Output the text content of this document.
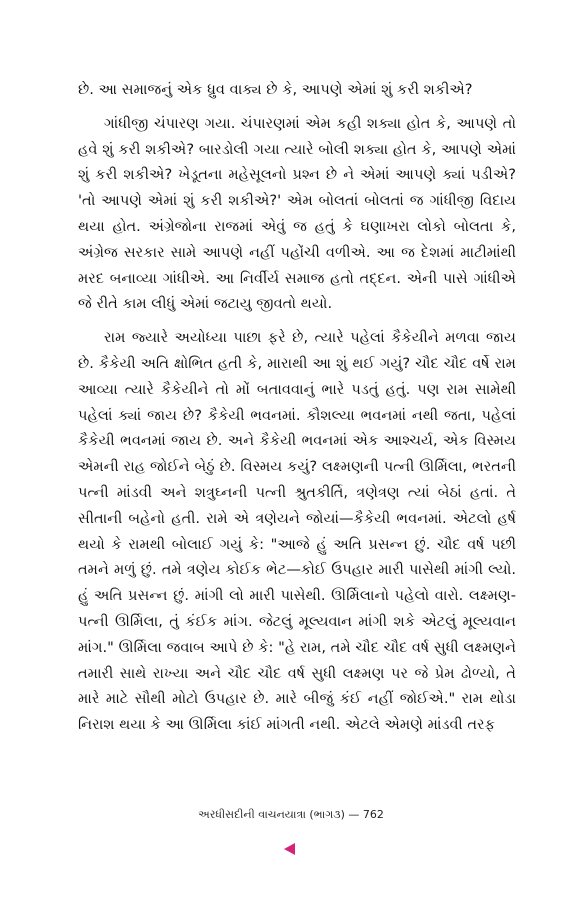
છે. આ સમાજનું એક ધ્રુવ વાક્ય છે કે, આપણે એમાં શું કરી શકીએ?

ગાંધીજી ચંપારણ ગયા. ચંપારણમાં એમ કહી શક્યા હોત કે, આપણે તો હવે શું કરી શકીએ? બારડોલી ગયા ત્યારે બોલી શક્યા હોત કે, આપણે એમાં શું કરી શકીએ? ખેડૂતના મહેસૂલનો પ્રશ્ન છે ને એમાં આપણે ક્યાં પડીએ? 'તો આપણે એમાં શું કરી શકીએ?' એમ બોલતાં બોલતાં જ ગાંધીજી વિદાય થયા હોત. અંગ્રેજોના રાજમાં એવું જ હતું કે ઘણાખરા લોકો બોલતા કે, અંગ્રેજ સરકાર સામે આપણે નહીં પહોંચી વળીએ. આ જ દેશમાં માટીમાંથી મરદ બનાવ્યા ગાંધીએ. આ નિર્વીર્ય સમાજ હતો તદ્દન. એની પાસે ગાંધીએ જે રીતે કામ લીધું એમાં જટાયુ જીવતો થયો.

રામ જ્યારે અયોધ્યા પાછા ફરે છે, ત્યારે પહેલાં કૈકેયીને મળવા જાય છે. કૈકેયી અતિ ક્ષોભિત હતી કે, મારાથી આ શું થઈ ગયું? ચૌદ ચૌદ વર્ષે રામ આવ્યા ત્યારે કૈકેયીને તો મોં બતાવવાનું ભારે પડતું હતું. પણ રામ સામેથી પહેલાં ક્યાં જાય છે? કૈકેયી ભવનમાં. કૌશલ્યા ભવનમાં નથી જતા, પહેલાં કૈકેયી ભવનમાં જાય છે. અને કૈકેયી ભવનમાં એક આશ્ચર્ય, એક વિસ્મય એમની રાહ જોઈને બેઠું છે. વિસ્મય કયું? લક્ષ્મણની પત્ની ઊર્મિલા, ભરતની પત્ની માંડવી અને શત્રુઘ્નની પત્ની શ્રુતકીર્તિ, ત્રણેત્રણ ત્યાં બેઠાં હતાં. તે સીતાની બહેનો હતી. રામે એ ત્રણેયને જોયાં—કૈકેયી ભવનમાં. એટલો હર્ષ થયો કે રામથી બોલાઈ ગયું કે: "આજે હું અતિ પ્રસન્ન છું. ચૌદ વર્ષ પછી તમને મળું છું. તમે ત્રણેય કોઈક ભેટ—કોઈ ઉપહાર મારી પાસેથી માંગી લ્યો. હું અતિ પ્રસન્ન છું. માંગી લો મારી પાસેથી. ઊર્મિલાનો પહેલો વારો. લક્ષ્મણ-પત્ની ઊર્મિલા, તું કંઈક માંગ. જેટલું મૂલ્યવાન માંગી શકે એટલું મૂલ્યવાન માંગ." ઊર્મિલા જવાબ આપે છે કે: "હે રામ, તમે ચૌદ ચૌદ વર્ષ સુધી લક્ષ્મણને તમારી સાથે રાખ્યા અને ચૌદ ચૌદ વર્ષ સુધી લક્ષ્મણ પર જે પ્રેમ ઢોળ્યો, તે મારે માટે સૌથી મોટો ઉપહાર છે. મારે બીજું કંઈ નહીં જોઈએ." રામ થોડા નિરાશ થયા કે આ ઊર્મિલા કાંઈ માંગતી નથી. એટલે એમણે માંડવી તરફ

અરધીસદીની વાચનયાત્રા (ભાગ૩) — 762
